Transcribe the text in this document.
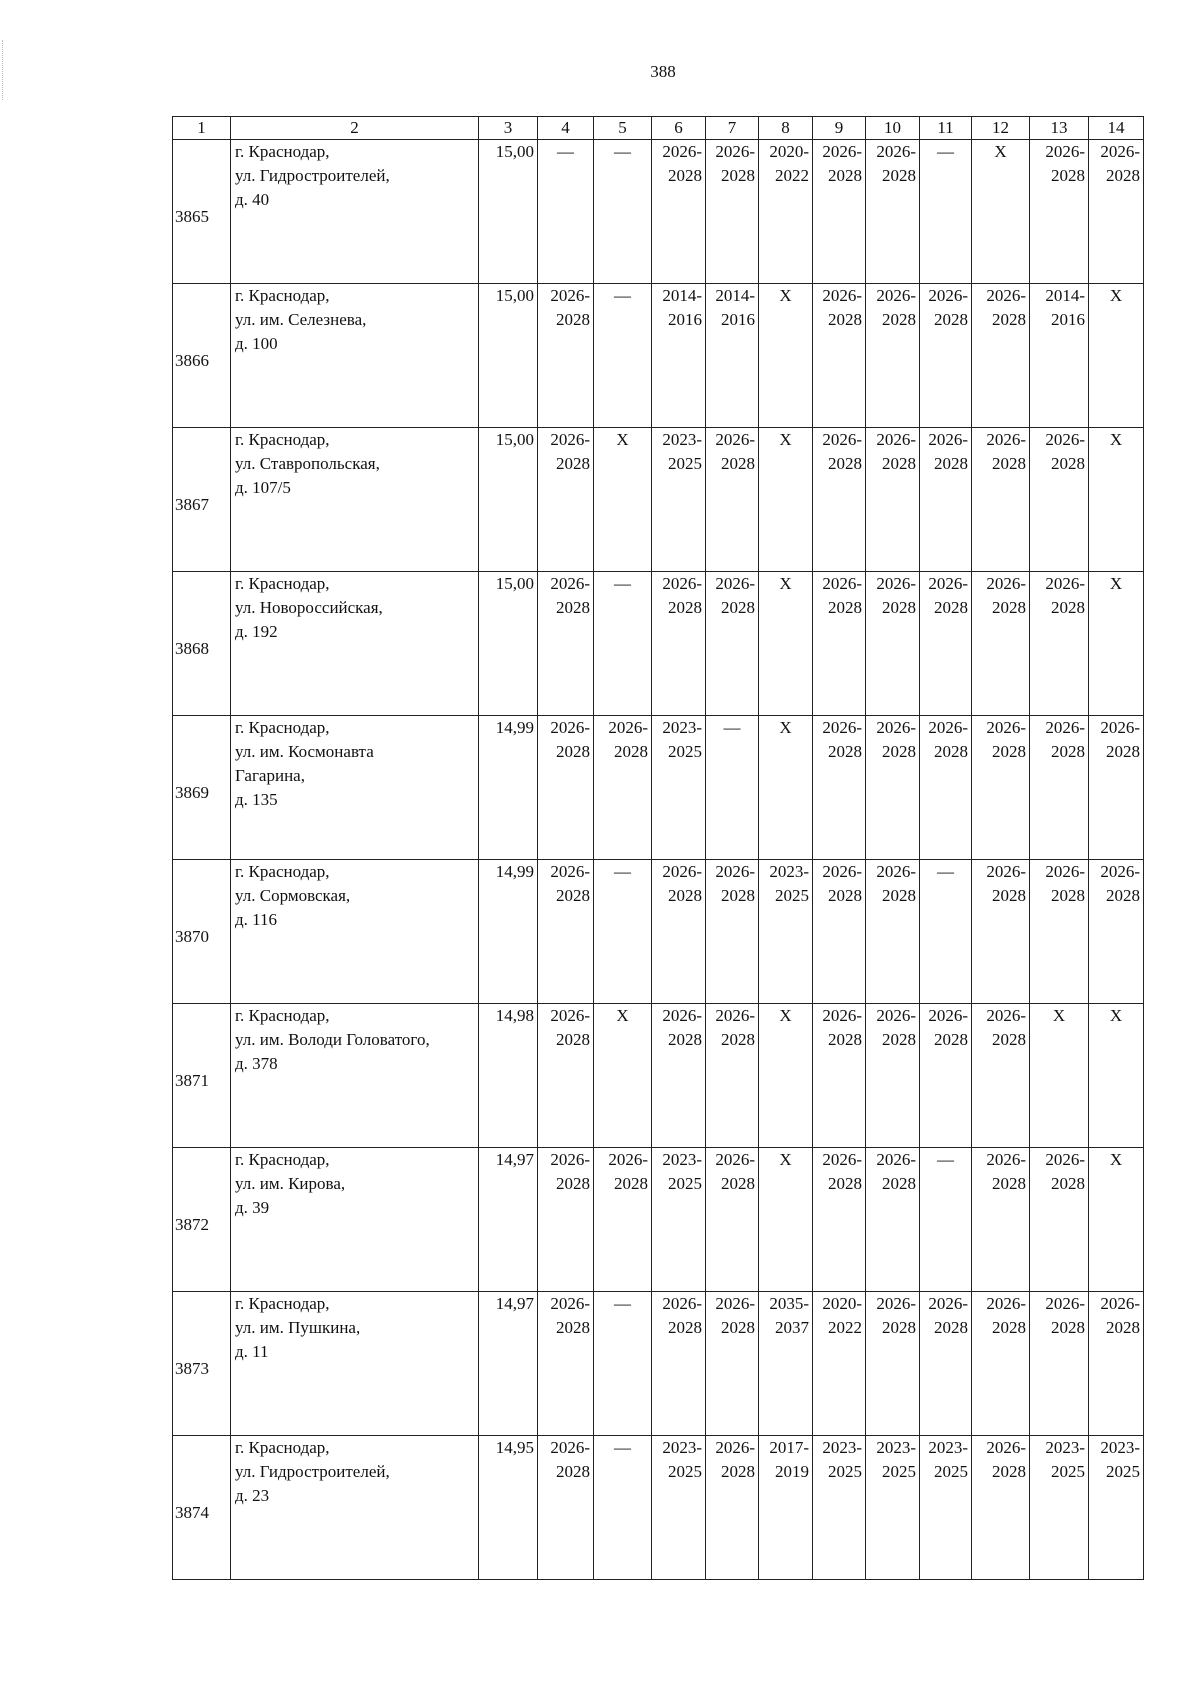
388
1	2	3	4	5	6	7	8	9	10	11	12	13	14
3865	г. Краснодар,
ул. Гидростроителей,
д. 40	15,00	—	—	2026-
2028	2026-
2028	2020-
2022	2026-
2028	2026-
2028	—	Х	2026-
2028	2026-
2028

3866	г. Краснодар,
ул. им. Селезнева,
д. 100	15,00	2026-
2028	—	2014-
2016	2014-
2016	Х	2026-
2028	2026-
2028	2026-
2028	2026-
2028	2014-
2016	Х

3867	г. Краснодар,
ул. Ставропольская,
д. 107/5	15,00	2026-
2028	Х	2023-
2025	2026-
2028	Х	2026-
2028	2026-
2028	2026-
2028	2026-
2028	2026-
2028	Х

3868	г. Краснодар,
ул. Новороссийская,
д. 192	15,00	2026-
2028	—	2026-
2028	2026-
2028	Х	2026-
2028	2026-
2028	2026-
2028	2026-
2028	2026-
2028	Х

3869	г. Краснодар,
ул. им. Космонавта
Гагарина,
д. 135	14,99	2026-
2028	2026-
2028	2023-
2025	—	Х	2026-
2028	2026-
2028	2026-
2028	2026-
2028	2026-
2028	2026-
2028

3870	г. Краснодар,
ул. Сормовская,
д. 116	14,99	2026-
2028	—	2026-
2028	2026-
2028	2023-
2025	2026-
2028	2026-
2028	—	2026-
2028	2026-
2028	2026-
2028

3871	г. Краснодар,
ул. им. Володи Головатого,
д. 378	14,98	2026-
2028	Х	2026-
2028	2026-
2028	Х	2026-
2028	2026-
2028	2026-
2028	2026-
2028	Х	Х

3872	г. Краснодар,
ул. им. Кирова,
д. 39	14,97	2026-
2028	2026-
2028	2023-
2025	2026-
2028	Х	2026-
2028	2026-
2028	—	2026-
2028	2026-
2028	Х

3873	г. Краснодар,
ул. им. Пушкина,
д. 11	14,97	2026-
2028	—	2026-
2028	2026-
2028	2035-
2037	2020-
2022	2026-
2028	2026-
2028	2026-
2028	2026-
2028	2026-
2028

3874	г. Краснодар,
ул. Гидростроителей,
д. 23	14,95	2026-
2028	—	2023-
2025	2026-
2028	2017-
2019	2023-
2025	2023-
2025	2023-
2025	2026-
2028	2023-
2025	2023-
2025
